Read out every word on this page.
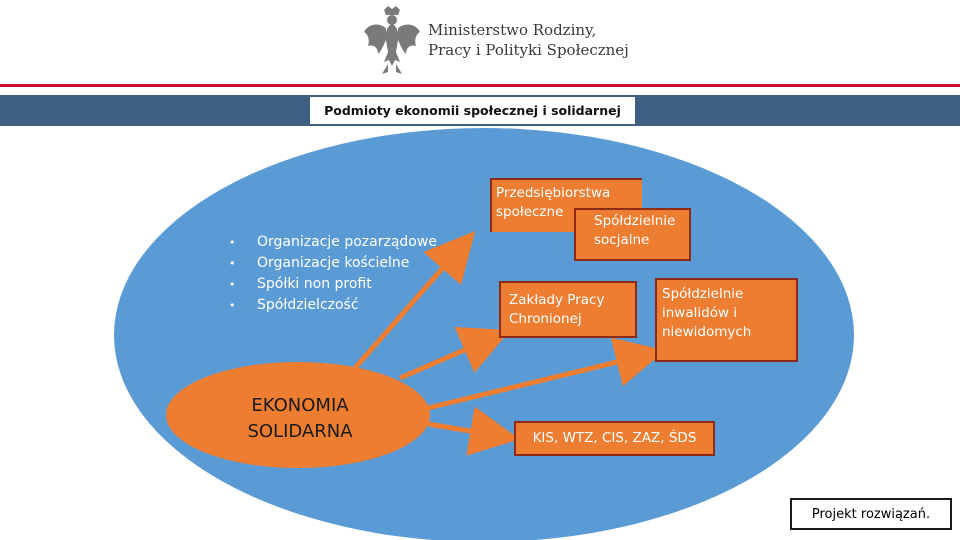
Ministerstwo Rodziny,
Pracy i Polityki Społecznej
Podmioty ekonomii społecznej i solidarnej
• Organizacje pozarządowe
• Organizacje kościelne
• Spółki non profit
• Spółdzielczość
EKONOMIA
SOLIDARNA
Przedsiębiorstwa
społeczne
Spółdzielnie
socjalne
Zakłady Pracy
Chronionej
Spółdzielnie
inwalidów i
niewidomych
KIS, WTZ, CIS, ZAZ, ŚDS
Projekt rozwiązań.
